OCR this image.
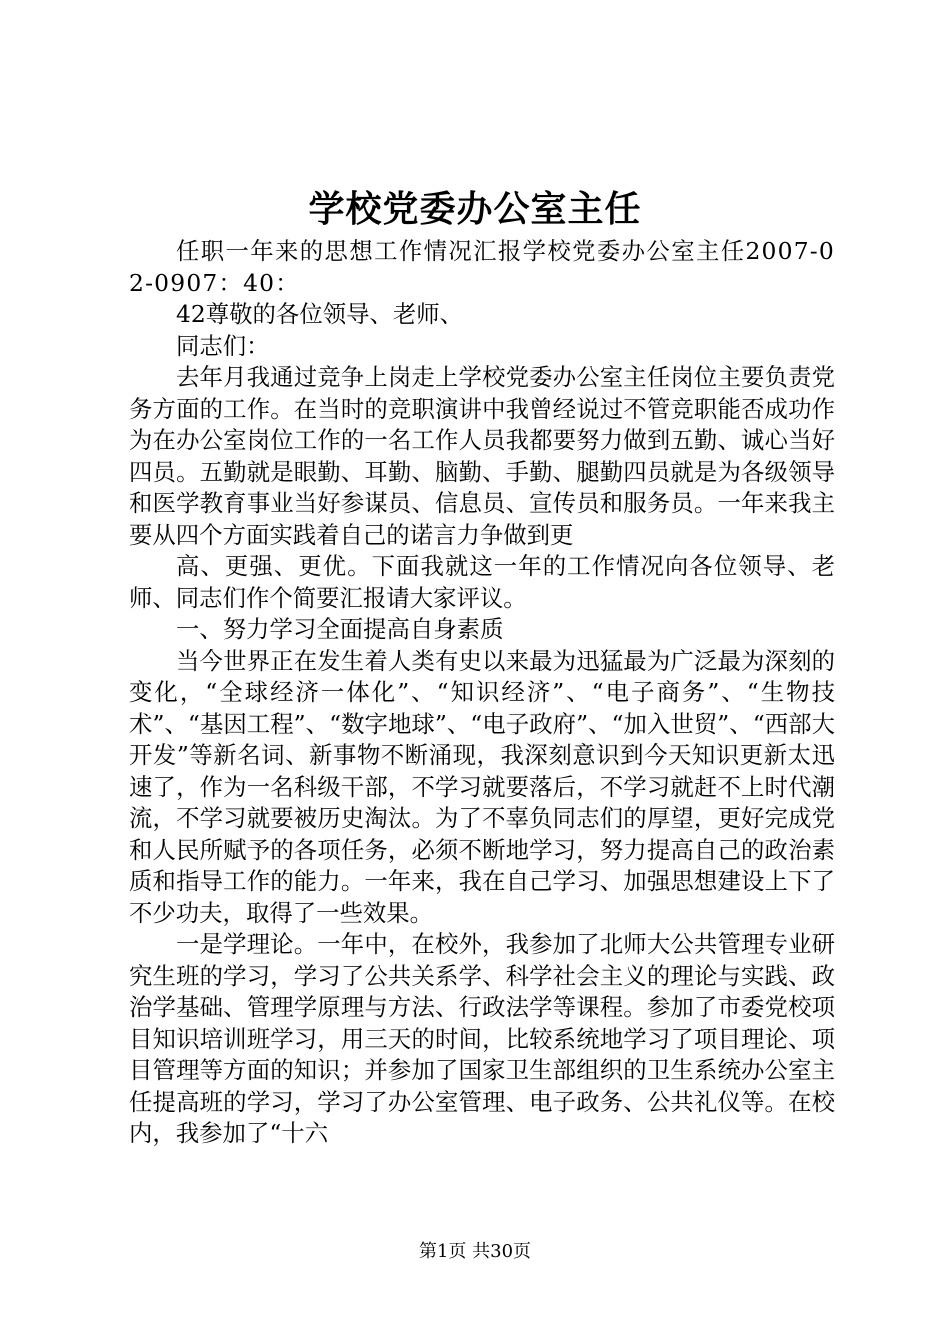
学校党委办公室主任

任职一年来的思想工作情况汇报学校党委办公室主任2007-02-0907：40：

42尊敬的各位领导、老师、

同志们：

去年月我通过竞争上岗走上学校党委办公室主任岗位主要负责党务方面的工作。在当时的竞职演讲中我曾经说过不管竞职能否成功作为在办公室岗位工作的一名工作人员我都要努力做到五勤、诚心当好四员。五勤就是眼勤、耳勤、脑勤、手勤、腿勤四员就是为各级领导和医学教育事业当好参谋员、信息员、宣传员和服务员。一年来我主要从四个方面实践着自己的诺言力争做到更

高、更强、更优。下面我就这一年的工作情况向各位领导、老师、同志们作个简要汇报请大家评议。

一、努力学习全面提高自身素质

当今世界正在发生着人类有史以来最为迅猛最为广泛最为深刻的变化，“全球经济一体化”、“知识经济”、“电子商务”、“生物技术”、“基因工程”、“数字地球”、“电子政府”、“加入世贸”、“西部大开发”等新名词、新事物不断涌现，我深刻意识到今天知识更新太迅速了，作为一名科级干部，不学习就要落后，不学习就赶不上时代潮流，不学习就要被历史淘汰。为了不辜负同志们的厚望，更好完成党和人民所赋予的各项任务，必须不断地学习，努力提高自己的政治素质和指导工作的能力。一年来，我在自己学习、加强思想建设上下了不少功夫，取得了一些效果。

一是学理论。一年中，在校外，我参加了北师大公共管理专业研究生班的学习，学习了公共关系学、科学社会主义的理论与实践、政治学基础、管理学原理与方法、行政法学等课程。参加了市委党校项目知识培训班学习，用三天的时间，比较系统地学习了项目理论、项目管理等方面的知识；并参加了国家卫生部组织的卫生系统办公室主任提高班的学习，学习了办公室管理、电子政务、公共礼仪等。在校内，我参加了“十六

第1页 共30页
